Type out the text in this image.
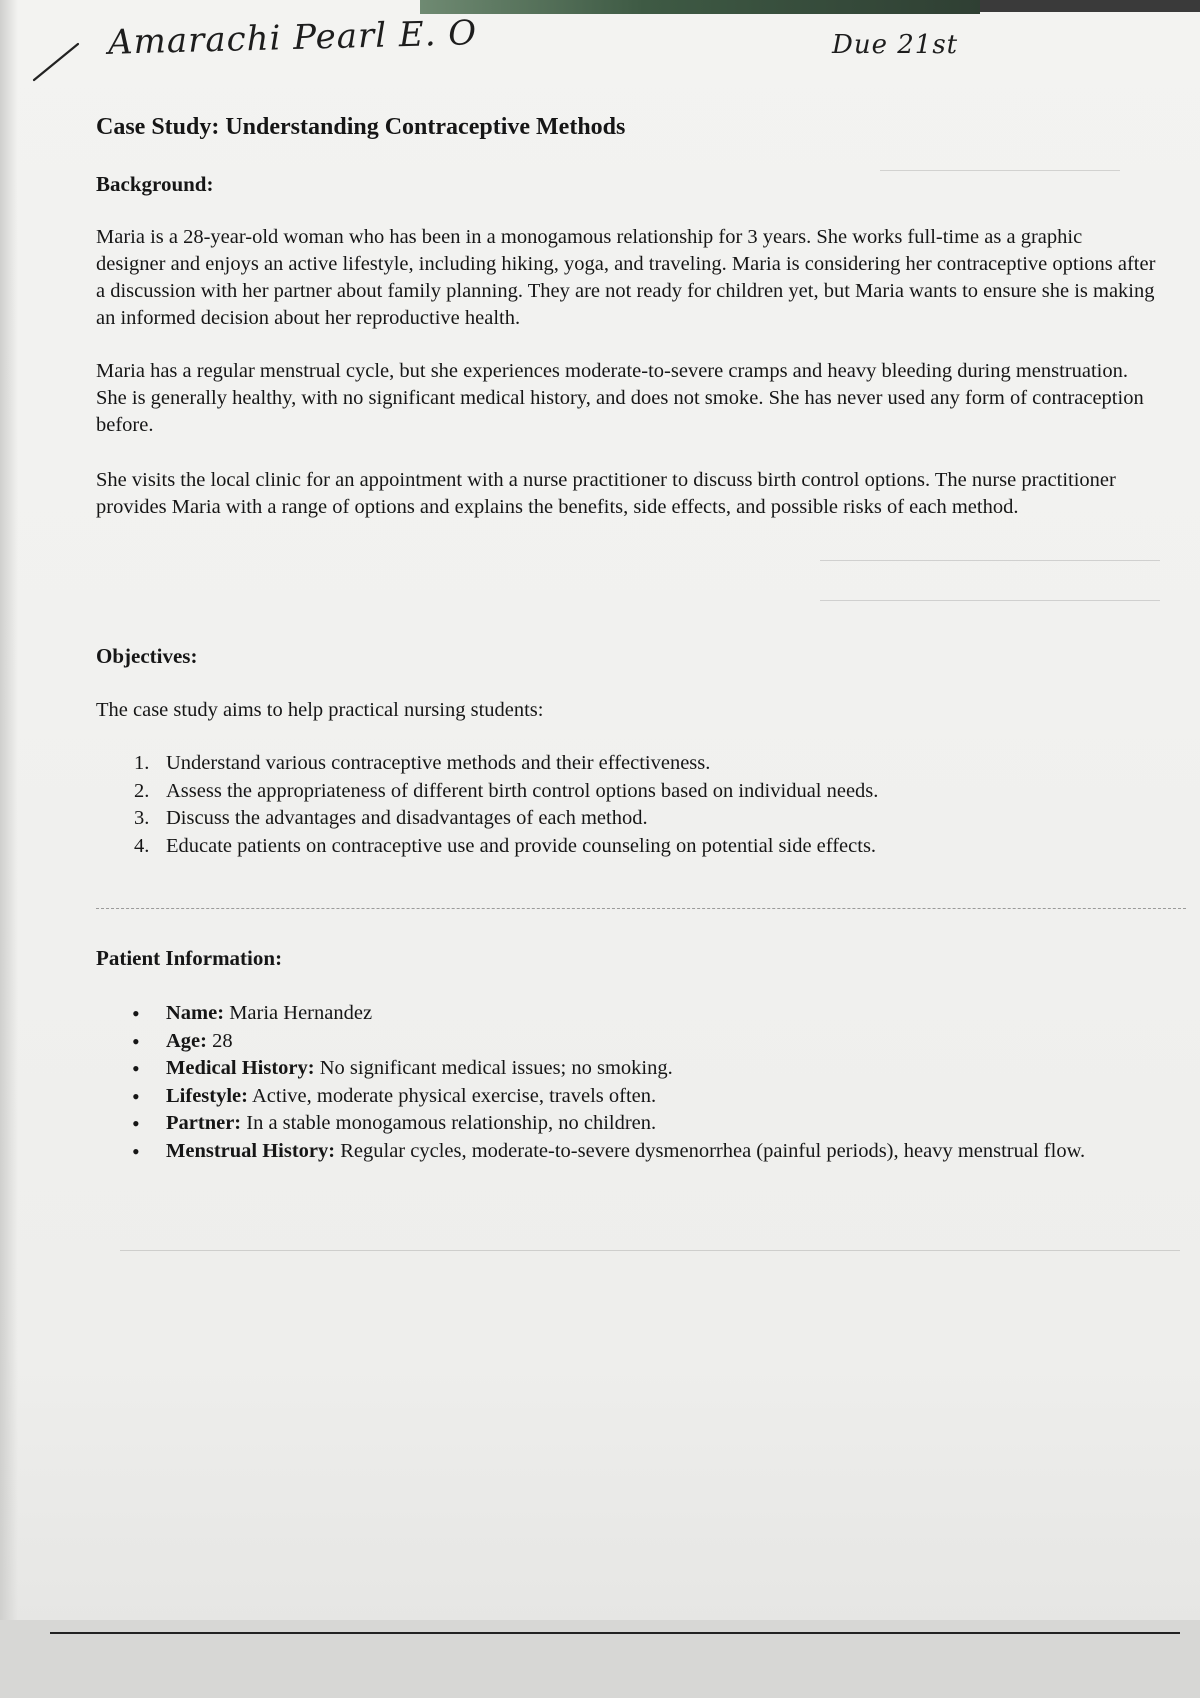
Amarachi Pearl E. O	Due 21st
Case Study: Understanding Contraceptive Methods
Background:

Maria is a 28-year-old woman who has been in a monogamous relationship for 3 years. She works full-time as a graphic designer and enjoys an active lifestyle, including hiking, yoga, and traveling. Maria is considering her contraceptive options after a discussion with her partner about family planning. They are not ready for children yet, but Maria wants to ensure she is making an informed decision about her reproductive health.

Maria has a regular menstrual cycle, but she experiences moderate-to-severe cramps and heavy bleeding during menstruation. She is generally healthy, with no significant medical history, and does not smoke. She has never used any form of contraception before.

She visits the local clinic for an appointment with a nurse practitioner to discuss birth control options. The nurse practitioner provides Maria with a range of options and explains the benefits, side effects, and possible risks of each method.

Objectives:

The case study aims to help practical nursing students:

1. Understand various contraceptive methods and their effectiveness.
2. Assess the appropriateness of different birth control options based on individual needs.
3. Discuss the advantages and disadvantages of each method.
4. Educate patients on contraceptive use and provide counseling on potential side effects.
Patient Information:
• Name: Maria Hernandez
• Age: 28
• Medical History: No significant medical issues; no smoking.
• Lifestyle: Active, moderate physical exercise, travels often.
• Partner: In a stable monogamous relationship, no children.
• Menstrual History: Regular cycles, moderate-to-severe dysmenorrhea (painful periods), heavy menstrual flow.
